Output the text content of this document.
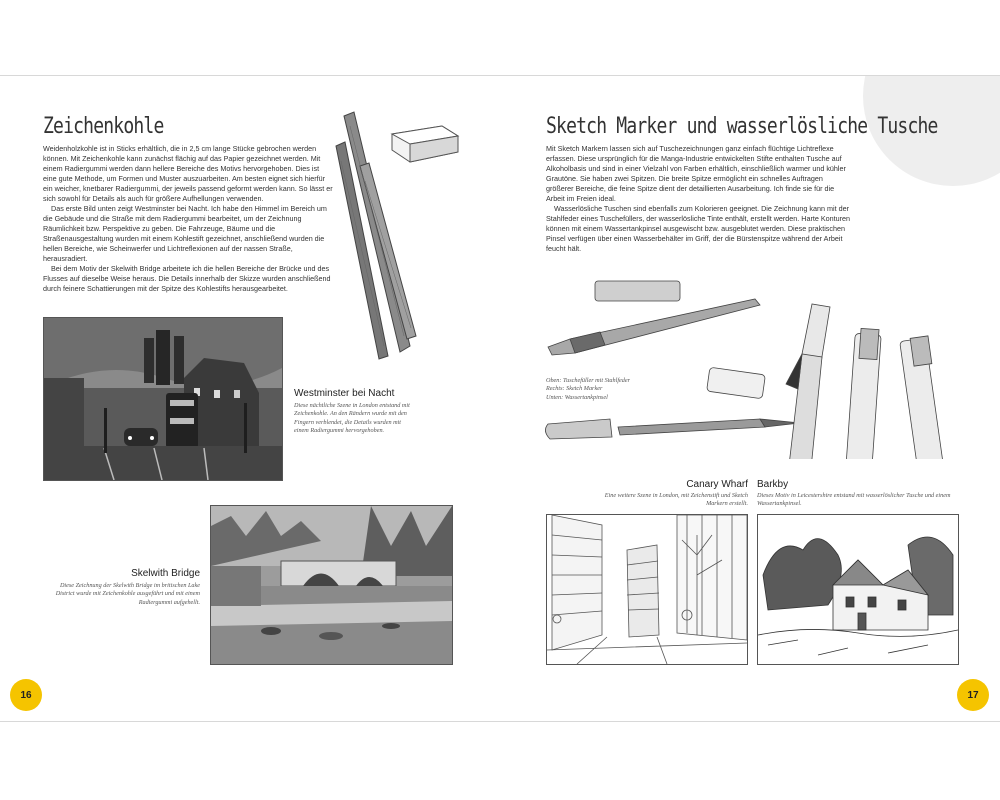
Zeichenkohle

Weidenholzkohle ist in Sticks erhältlich, die in 2,5 cm lange Stücke gebrochen werden können. Mit Zeichenkohle kann zunächst flächig auf das Papier gezeichnet werden. Mit einem Radiergummi werden dann hellere Bereiche des Motivs hervorgehoben. Dies ist eine gute Methode, um Formen und Muster auszuarbeiten. Am besten eignet sich hierfür ein weicher, knetbarer Radiergummi, der jeweils passend geformt werden kann. So lässt er sich sowohl für Details als auch für größere Aufhellungen verwenden.

Das erste Bild unten zeigt Westminster bei Nacht. Ich habe den Himmel im Bereich um die Gebäude und die Straße mit dem Radiergummi bearbeitet, um der Zeichnung Räumlichkeit bzw. Perspektive zu geben. Die Fahrzeuge, Bäume und die Straßenausgestaltung wurden mit einem Kohlestift gezeichnet, anschließend wurden die hellen Bereiche, wie Scheinwerfer und Lichtreflexionen auf der nassen Straße, herausradiert.

Bei dem Motiv der Skelwith Bridge arbeitete ich die hellen Bereiche der Brücke und des Flusses auf dieselbe Weise heraus. Die Details innerhalb der Skizze wurden anschließend durch feinere Schattierungen mit der Spitze des Kohlestifts herausgearbeitet.

Westminster bei Nacht
Diese nächtliche Szene in London entstand mit Zeichenkohle. An den Rändern wurde mit den Fingern verblendet, die Details wurden mit einem Radiergummi hervorgehoben.
Skelwith Bridge
Diese Zeichnung der Skelwith Bridge im britischen Lake District wurde mit Zeichenkohle ausgeführt und mit einem Radiergummi aufgehellt.
16
Sketch Marker und wasserlösliche Tusche

Mit Sketch Markern lassen sich auf Tuschezeichnungen ganz einfach flüchtige Lichtreflexe erfassen. Diese ursprünglich für die Manga-Industrie entwickelten Stifte enthalten Tusche auf Alkoholbasis und sind in einer Vielzahl von Farben erhältlich, einschließlich warmer und kühler Grautöne. Sie haben zwei Spitzen. Die breite Spitze ermöglicht ein schnelles Auftragen größerer Bereiche, die feine Spitze dient der detaillierten Ausarbeitung. Ich finde sie für die Arbeit im Freien ideal.

Wasserlösliche Tuschen sind ebenfalls zum Kolorieren geeignet. Die Zeichnung kann mit der Stahlfeder eines Tuschefüllers, der wasserlösliche Tinte enthält, erstellt werden. Harte Konturen können mit einem Wassertankpinsel ausgewischt bzw. ausgeblutet werden. Diese praktischen Pinsel verfügen über einen Wasserbehälter im Griff, der die Bürstenspitze während der Arbeit feucht hält.

Oben: Tuschefüller mit Stahlfeder
Rechts: Sketch Marker
Unten: Wassertankpinsel
Canary Wharf
Eine weitere Szene in London, mit Zeichenstift und Sketch Markern erstellt.
Barkby
Dieses Motiv in Leicestershire entstand mit wasserlöslicher Tusche und einem Wassertankpinsel.
17
